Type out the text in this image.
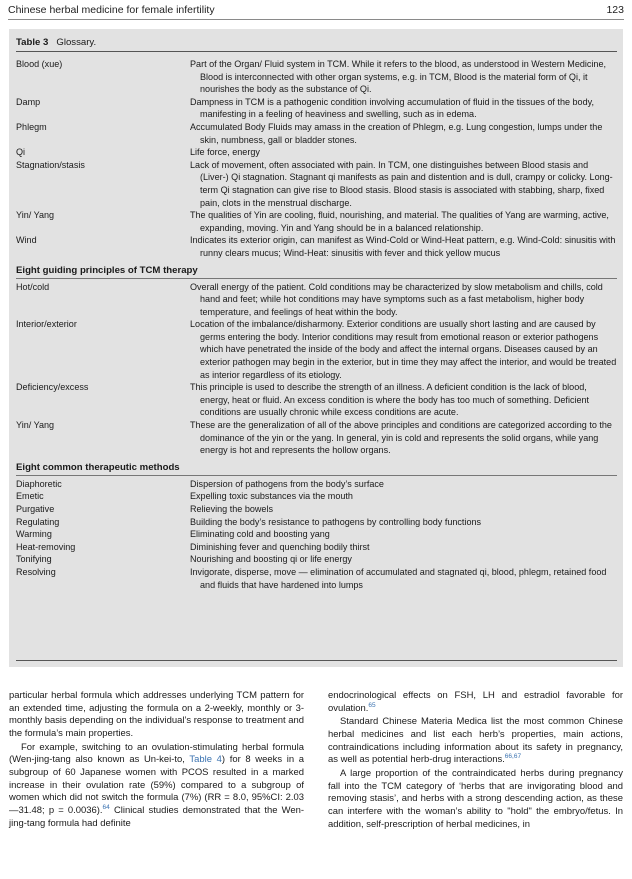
Chinese herbal medicine for female infertility	123
Table 3 Glossary.
Blood (xue)	Part of the Organ/ Fluid system in TCM. While it refers to the blood, as understood in Western Medicine, Blood is interconnected with other organ systems, e.g. in TCM, Blood is the material form of Qi, it nourishes the body as the substance of Qi.
Damp	Dampness in TCM is a pathogenic condition involving accumulation of fluid in the tissues of the body, manifesting in a feeling of heaviness and swelling, such as in edema.
Phlegm	Accumulated Body Fluids may amass in the creation of Phlegm, e.g. Lung congestion, lumps under the skin, numbness, gall or bladder stones.
Qi	Life force, energy
Stagnation/stasis	Lack of movement, often associated with pain. In TCM, one distinguishes between Blood stasis and (Liver-) Qi stagnation. Stagnant qi manifests as pain and distention and is dull, crampy or colicky. Long-term Qi stagnation can give rise to Blood stasis. Blood stasis is associated with stabbing, sharp, fixed pain, clots in the menstrual discharge.
Yin/ Yang	The qualities of Yin are cooling, fluid, nourishing, and material. The qualities of Yang are warming, active, expanding, moving. Yin and Yang should be in a balanced relationship.
Wind	Indicates its exterior origin, can manifest as Wind-Cold or Wind-Heat pattern, e.g. Wind-Cold: sinusitis with runny clears mucus; Wind-Heat: sinusitis with fever and thick yellow mucus
Eight guiding principles of TCM therapy
Hot/cold	Overall energy of the patient. Cold conditions may be characterized by slow metabolism and chills, cold hand and feet; while hot conditions may have symptoms such as a fast metabolism, higher body temperature, and feelings of heat within the body.
Interior/exterior	Location of the imbalance/disharmony. Exterior conditions are usually short lasting and are caused by germs entering the body. Interior conditions may result from emotional reason or exterior pathogens which have penetrated the inside of the body and affect the internal organs. Diseases caused by an exterior pathogen may begin in the exterior, but in time they may affect the interior, and would be treated as interior regardless of its etiology.
Deficiency/excess	This principle is used to describe the strength of an illness. A deficient condition is the lack of blood, energy, heat or fluid. An excess condition is where the body has too much of something. Deficient conditions are usually chronic while excess conditions are acute.
Yin/ Yang	These are the generalization of all of the above principles and conditions are categorized according to the dominance of the yin or the yang. In general, yin is cold and represents the solid organs, while yang energy is hot and represents the hollow organs.
Eight common therapeutic methods
Diaphoretic	Dispersion of pathogens from the body’s surface
Emetic	Expelling toxic substances via the mouth
Purgative	Relieving the bowels
Regulating	Building the body’s resistance to pathogens by controlling body functions
Warming	Eliminating cold and boosting yang
Heat-removing	Diminishing fever and quenching bodily thirst
Tonifying	Nourishing and boosting qi or life energy
Resolving	Invigorate, disperse, move — elimination of accumulated and stagnated qi, blood, phlegm, retained food and fluids that have hardened into lumps

particular herbal formula which addresses underlying TCM pattern for an extended time, adjusting the formula on a 2-weekly, monthly or 3-monthly basis depending on the individual’s response to treatment and the formula’s main properties.

For example, switching to an ovulation-stimulating herbal formula (Wen-jing-tang also known as Un-kei-to, Table 4) for 8 weeks in a subgroup of 60 Japanese women with PCOS resulted in a marked increase in their ovulation rate (59%) compared to a subgroup of women which did not switch the formula (7%) (RR = 8.0, 95%CI: 2.03—31.48; p = 0.0036).$^{64}$ Clinical studies demonstrated that the Wen-jing-tang formula had definite

endocrinological effects on FSH, LH and estradiol favorable for ovulation.$^{65}$

Standard Chinese Materia Medica list the most common Chinese herbal medicines and list each herb’s properties, main actions, contraindications including information about its safety in pregnancy, as well as potential herb-drug interactions.$^{66,67}$

A large proportion of the contraindicated herbs during pregnancy fall into the TCM category of ‘herbs that are invigorating blood and removing stasis’, and herbs with a strong descending action, as these can interfere with the woman’s ability to "hold" the embryo/fetus. In addition, self-prescription of herbal medicines, in
